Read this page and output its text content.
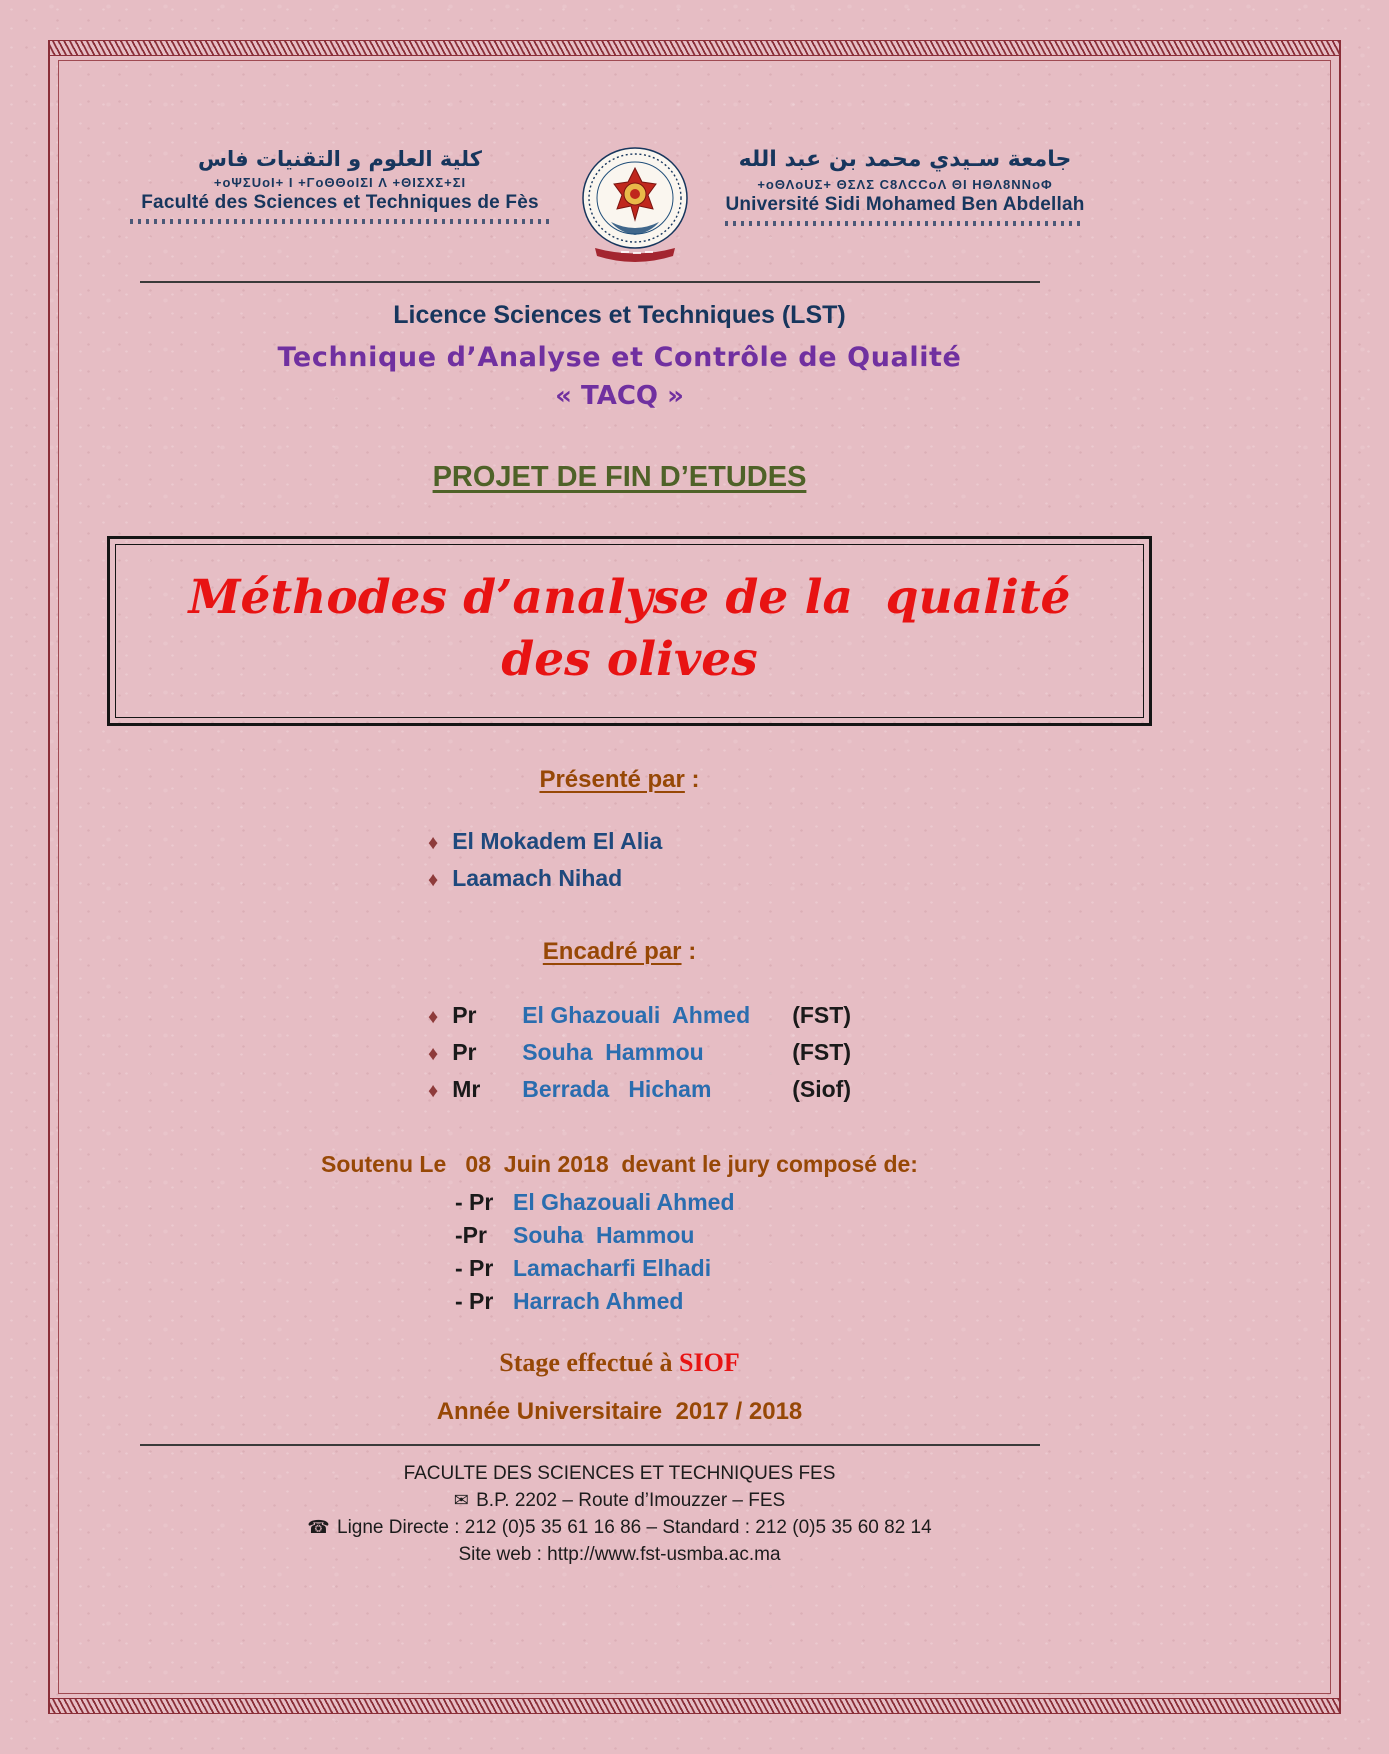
كلية العلوم و التقنيات فاس
+oΨΣUoI+ I +ΓoΘΘoIΣI Λ +ΘIΣXΣ+ΣI
Faculté des Sciences et Techniques de Fès
جامعة سـيدي محمد بن عبد الله
+oΘΛoUΣ+ ΘΣΛΣ C8ΛCCoΛ ΘI ΗΘΛ8ΝΝoΦ
Université Sidi Mohamed Ben Abdellah
Licence Sciences et Techniques (LST)
Technique d’Analyse et Contrôle de Qualité
« TACQ »
PROJET DE FIN D’ETUDES
Méthodes d’analyse de la  qualité des olives
Présenté par :
♦ El Mokadem El Alia
♦ Laamach Nihad
Encadré par :
♦ Pr	El Ghazouali  Ahmed	(FST)
♦ Pr	Souha  Hammou	(FST)
♦ Mr	Berrada   Hicham	(Siof)
Soutenu Le   08  Juin 2018  devant le jury composé de:
- Pr El Ghazouali Ahmed
-Pr	Souha  Hammou
- Pr Lamacharfi Elhadi
- Pr Harrach Ahmed
Stage effectué à SIOF
Année Universitaire  2017 / 2018
FACULTE DES SCIENCES ET TECHNIQUES FES
✉ B.P. 2202 – Route d’Imouzzer – FES
☎ Ligne Directe : 212 (0)5 35 61 16 86 – Standard : 212 (0)5 35 60 82 14
Site web : http://www.fst-usmba.ac.ma
